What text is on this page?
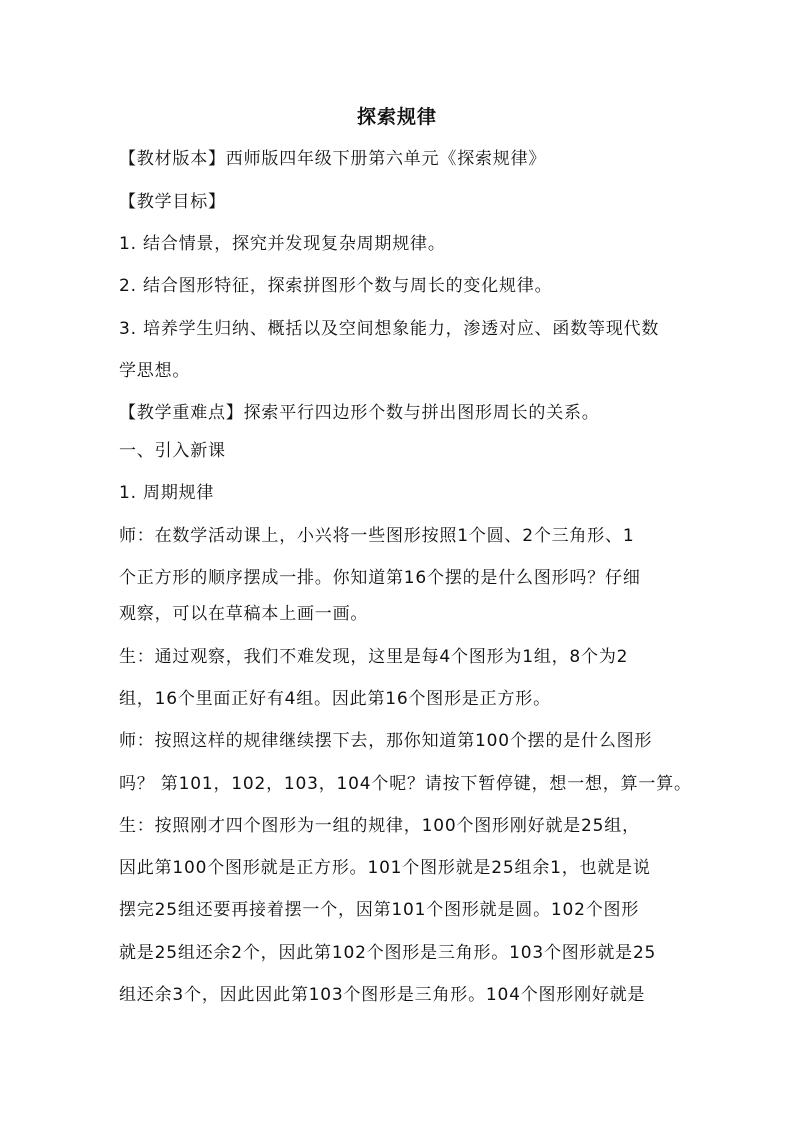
探索规律
【教材版本】西师版四年级下册第六单元《探索规律》
【教学目标】
1. 结合情景，探究并发现复杂周期规律。
2. 结合图形特征，探索拼图形个数与周长的变化规律。
3. 培养学生归纳、概括以及空间想象能力，渗透对应、函数等现代数
学思想。
【教学重难点】探索平行四边形个数与拼出图形周长的关系。
一、引入新课
1. 周期规律
师：在数学活动课上，小兴将一些图形按照1个圆、2个三角形、1
个正方形的顺序摆成一排。你知道第16个摆的是什么图形吗？仔细
观察，可以在草稿本上画一画。
生：通过观察，我们不难发现，这里是每4个图形为1组，8个为2
组，16个里面正好有4组。因此第16个图形是正方形。
师：按照这样的规律继续摆下去，那你知道第100个摆的是什么图形
吗？ 第101，102，103，104个呢？请按下暂停键，想一想，算一算。
生：按照刚才四个图形为一组的规律，100个图形刚好就是25组，
因此第100个图形就是正方形。101个图形就是25组余1，也就是说
摆完25组还要再接着摆一个，因第101个图形就是圆。102个图形
就是25组还余2个，因此第102个图形是三角形。103个图形就是25
组还余3个，因此因此第103个图形是三角形。104个图形刚好就是
